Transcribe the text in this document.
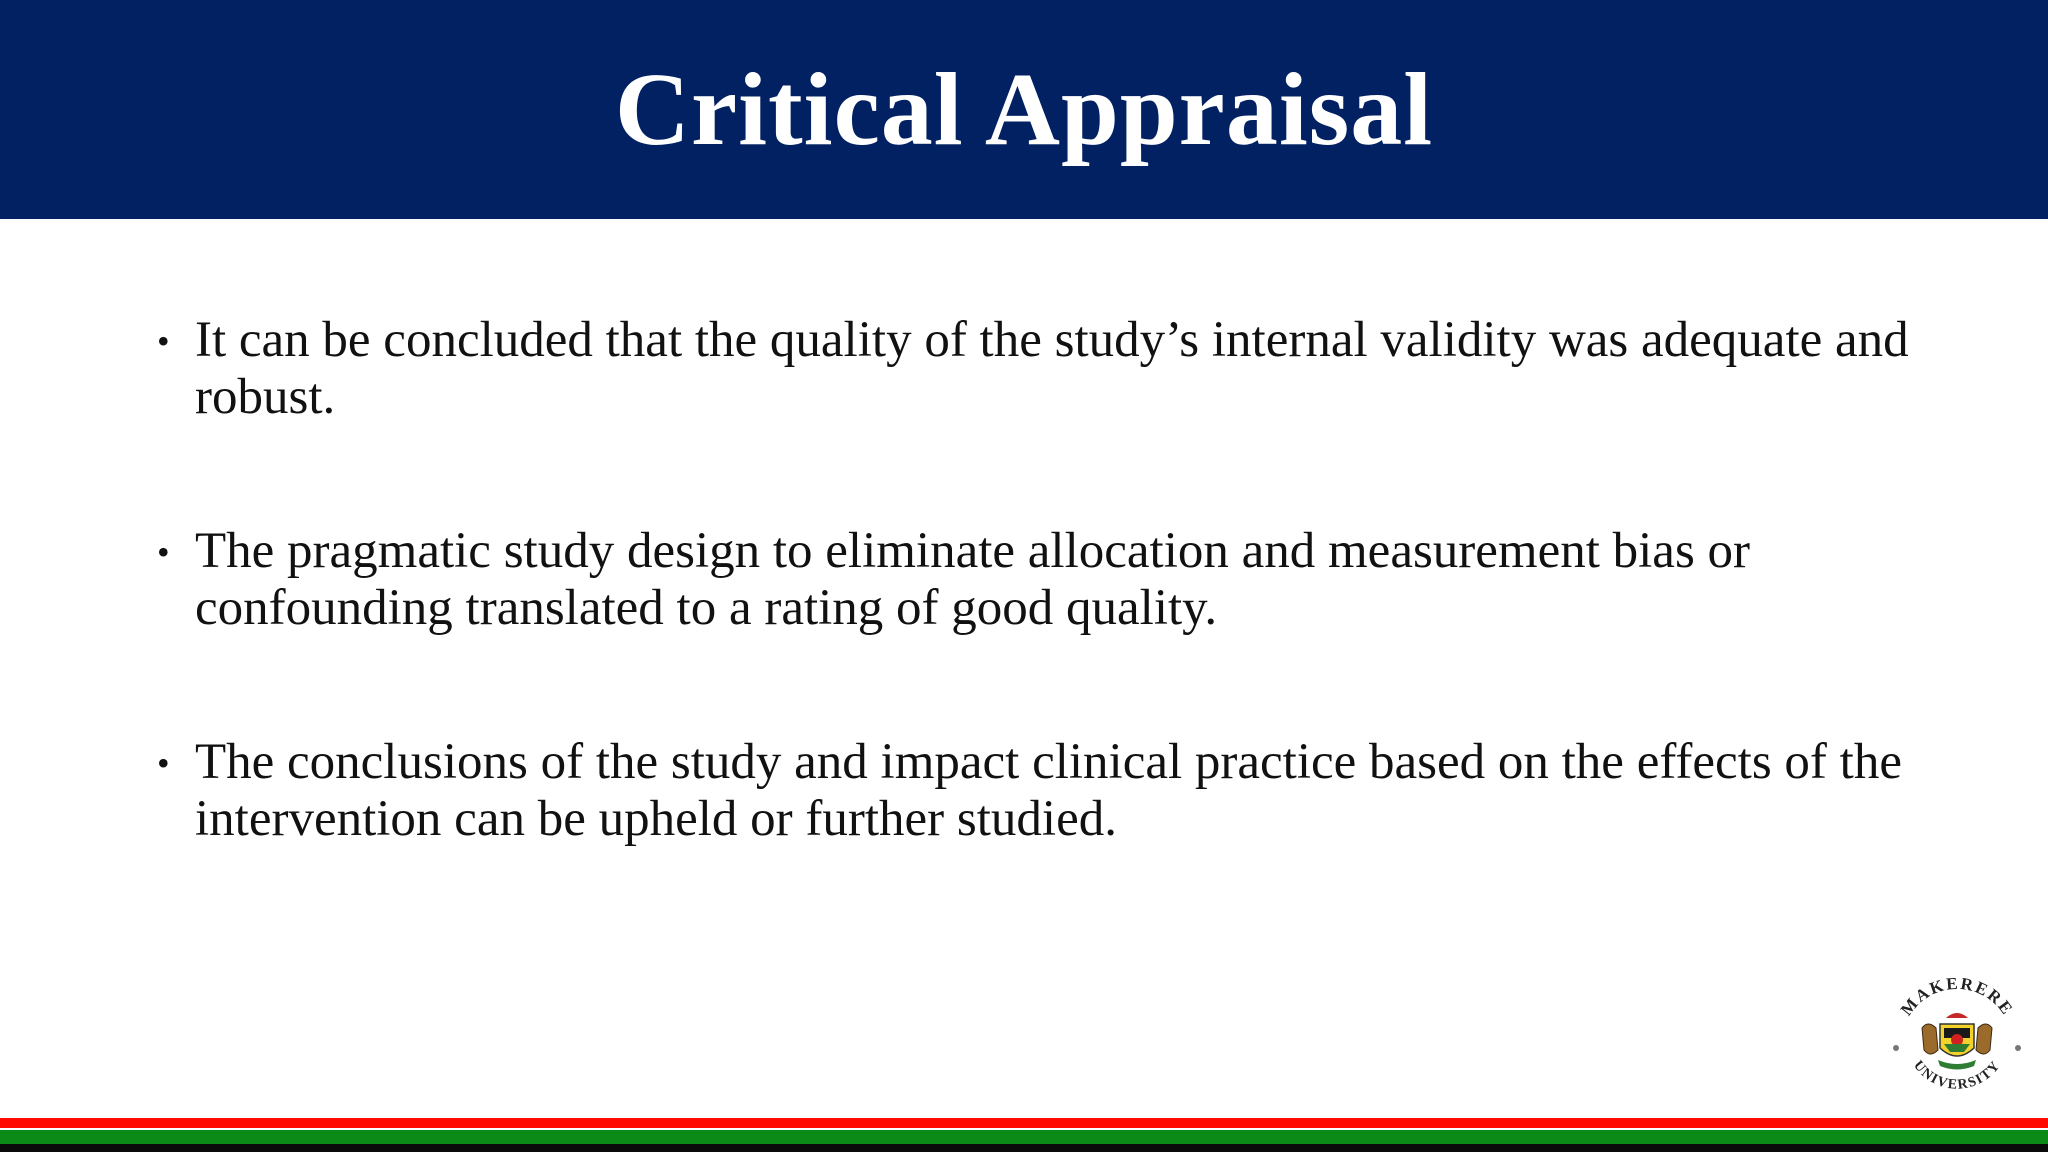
Critical Appraisal
• It can be concluded that the quality of the study’s internal validity was adequate and robust.
• The pragmatic study design to eliminate allocation and measurement bias or confounding translated to a rating of good quality.
• The conclusions of the study and impact clinical practice based on the effects of the intervention can be upheld or further studied.
MAKERERE
UNIVERSITY
